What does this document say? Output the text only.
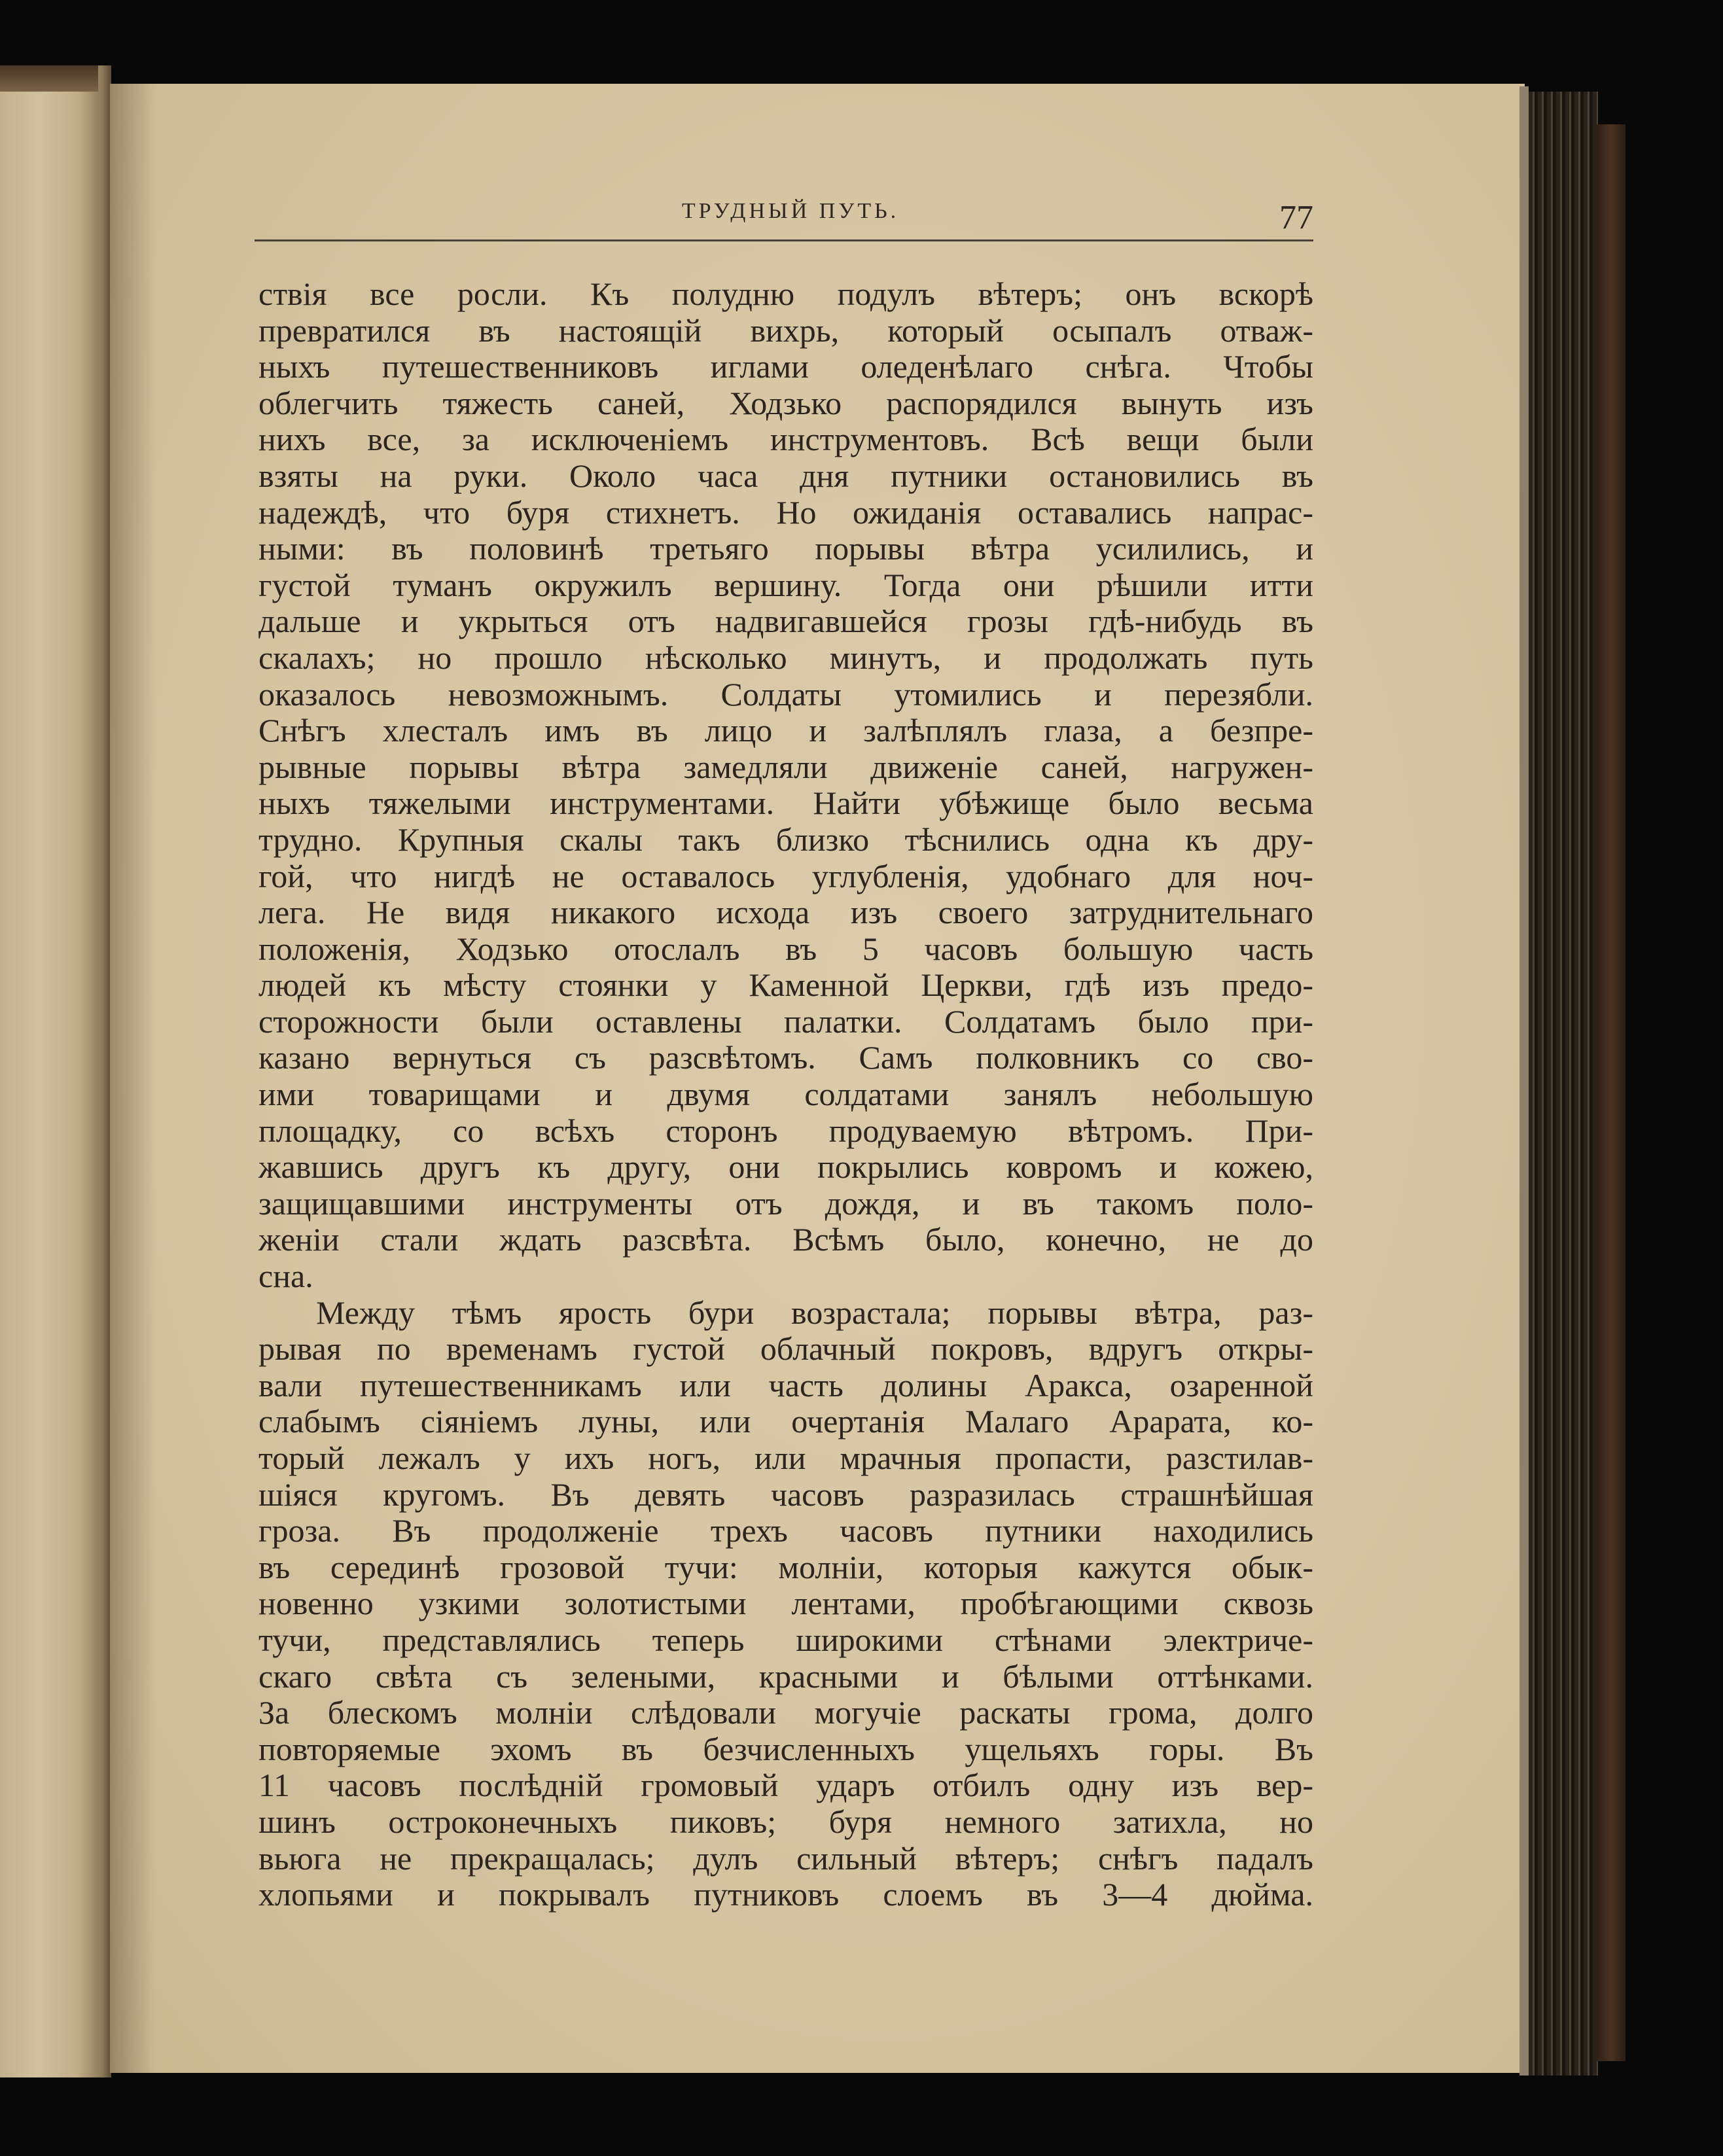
ТРУДНЫЙ ПУТЬ.	77
ствія все росли. Къ полудню подулъ вѣтеръ; онъ вскорѣ
превратился въ настоящій вихрь, который осыпалъ отваж-
ныхъ путешественниковъ иглами оледенѣлаго снѣга. Чтобы
облегчить тяжесть саней, Ходзько распорядился вынуть изъ
нихъ все, за исключеніемъ инструментовъ. Всѣ вещи были
взяты на руки. Около часа дня путники остановились въ
надеждѣ, что буря стихнетъ. Но ожиданія оставались напрас-
ными: въ половинѣ третьяго порывы вѣтра усилились, и
густой туманъ окружилъ вершину. Тогда они рѣшили итти
дальше и укрыться отъ надвигавшейся грозы гдѣ-нибудь въ
скалахъ; но прошло нѣсколько минутъ, и продолжать путь
оказалось невозможнымъ. Солдаты утомились и перезябли.
Снѣгъ хлесталъ имъ въ лицо и залѣплялъ глаза, а безпре-
рывные порывы вѣтра замедляли движеніе саней, нагружен-
ныхъ тяжелыми инструментами. Найти убѣжище было весьма
трудно. Крупныя скалы такъ близко тѣснились одна къ дру-
гой, что нигдѣ не оставалось углубленія, удобнаго для ноч-
лега. Не видя никакого исхода изъ своего затруднительнаго
положенія, Ходзько отослалъ въ 5 часовъ большую часть
людей къ мѣсту стоянки у Каменной Церкви, гдѣ изъ предо-
сторожности были оставлены палатки. Солдатамъ было при-
казано вернуться съ разсвѣтомъ. Самъ полковникъ со сво-
ими товарищами и двумя солдатами занялъ небольшую
площадку, со всѣхъ сторонъ продуваемую вѣтромъ. При-
жавшись другъ къ другу, они покрылись ковромъ и кожею,
защищавшими инструменты отъ дождя, и въ такомъ поло-
женіи стали ждать разсвѣта. Всѣмъ было, конечно, не до
сна.
Между тѣмъ ярость бури возрастала; порывы вѣтра, раз-
рывая по временамъ густой облачный покровъ, вдругъ откры-
вали путешественникамъ или часть долины Аракса, озаренной
слабымъ сіяніемъ луны, или очертанія Малаго Арарата, ко-
торый лежалъ у ихъ ногъ, или мрачныя пропасти, разстилав-
шіяся кругомъ. Въ девять часовъ разразилась страшнѣйшая
гроза. Въ продолженіе трехъ часовъ путники находились
въ серединѣ грозовой тучи: молніи, которыя кажутся обык-
новенно узкими золотистыми лентами, пробѣгающими сквозь
тучи, представлялись теперь широкими стѣнами электриче-
скаго свѣта съ зелеными, красными и бѣлыми оттѣнками.
За блескомъ молніи слѣдовали могучіе раскаты грома, долго
повторяемые эхомъ въ безчисленныхъ ущельяхъ горы. Въ
11 часовъ послѣдній громовый ударъ отбилъ одну изъ вер-
шинъ остроконечныхъ пиковъ; буря немного затихла, но
вьюга не прекращалась; дулъ сильный вѣтеръ; снѣгъ падалъ
хлопьями и покрывалъ путниковъ слоемъ въ 3—4 дюйма.
